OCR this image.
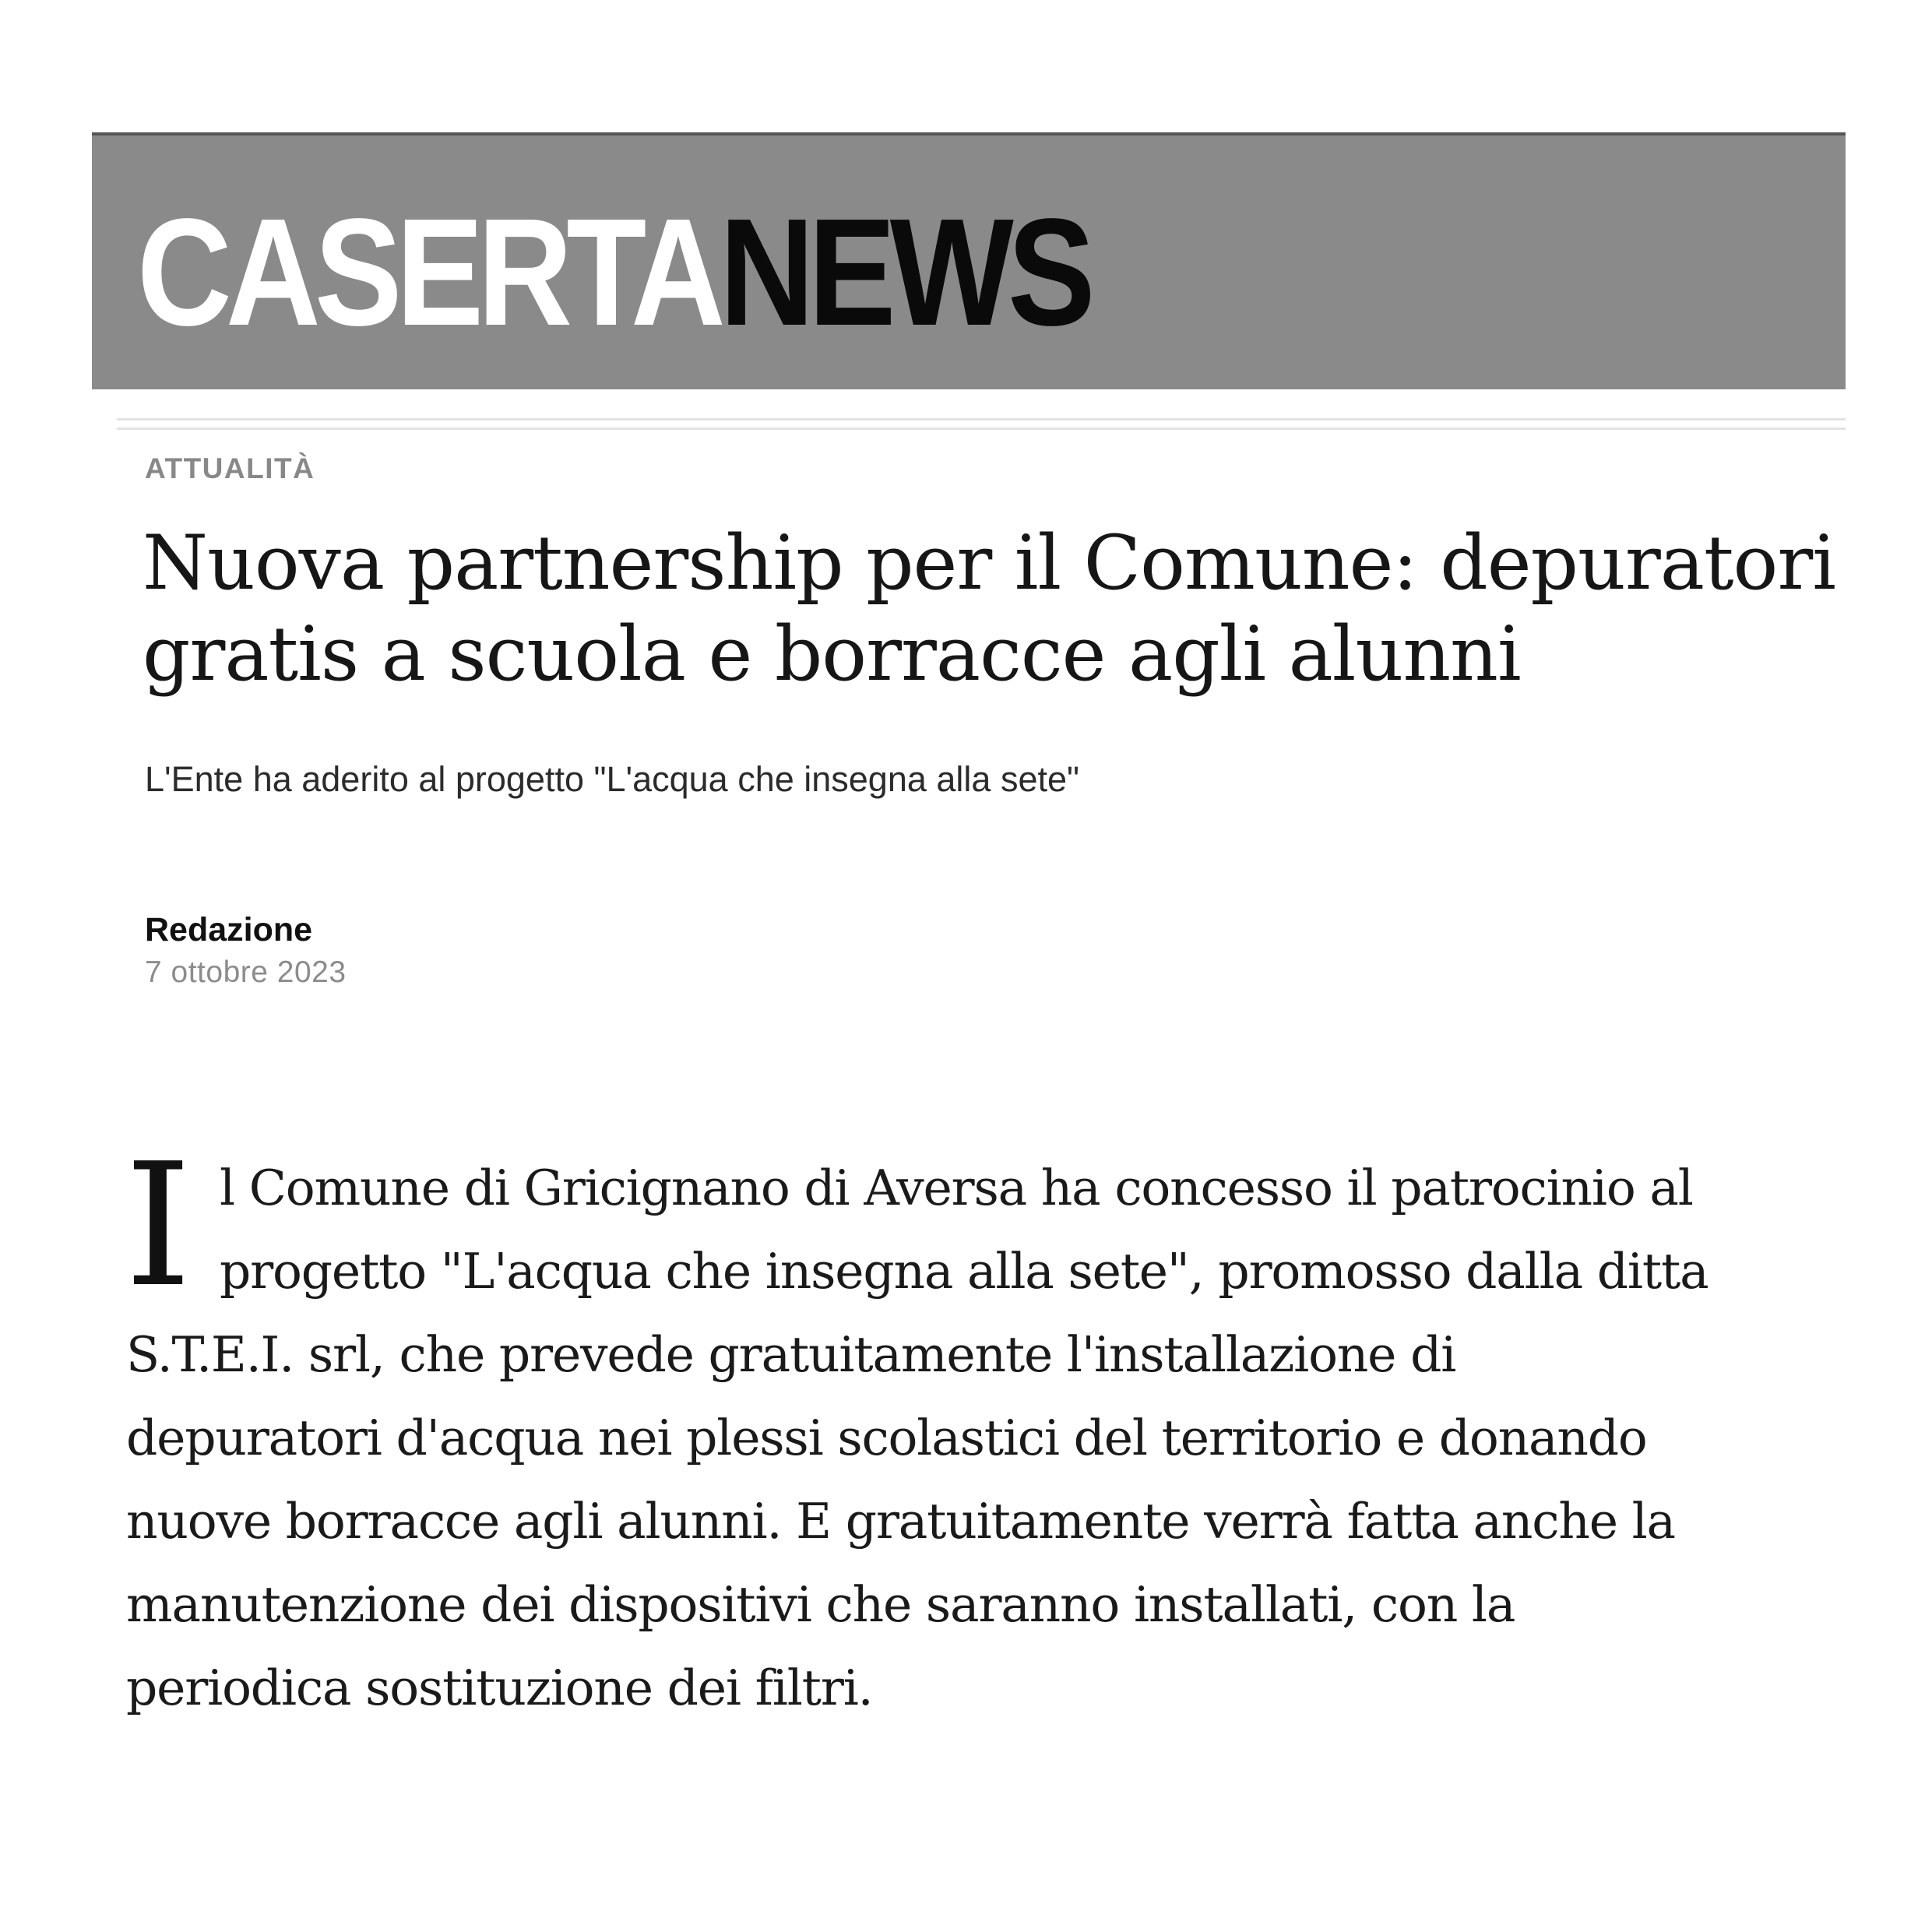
CASERTANEWS

ATTUALITÀ

Nuova partnership per il Comune: depuratori gratis a scuola e borracce agli alunni

L'Ente ha aderito al progetto "L'acqua che insegna alla sete"

Redazione

7 ottobre 2023

I l Comune di Gricignano di Aversa ha concesso il patrocinio al

progetto "L'acqua che insegna alla sete", promosso dalla ditta

S.T.E.I. srl, che prevede gratuitamente l'installazione di

depuratori d'acqua nei plessi scolastici del territorio e donando

nuove borracce agli alunni. E gratuitamente verrà fatta anche la

manutenzione dei dispositivi che saranno installati, con la

periodica sostituzione dei filtri.
